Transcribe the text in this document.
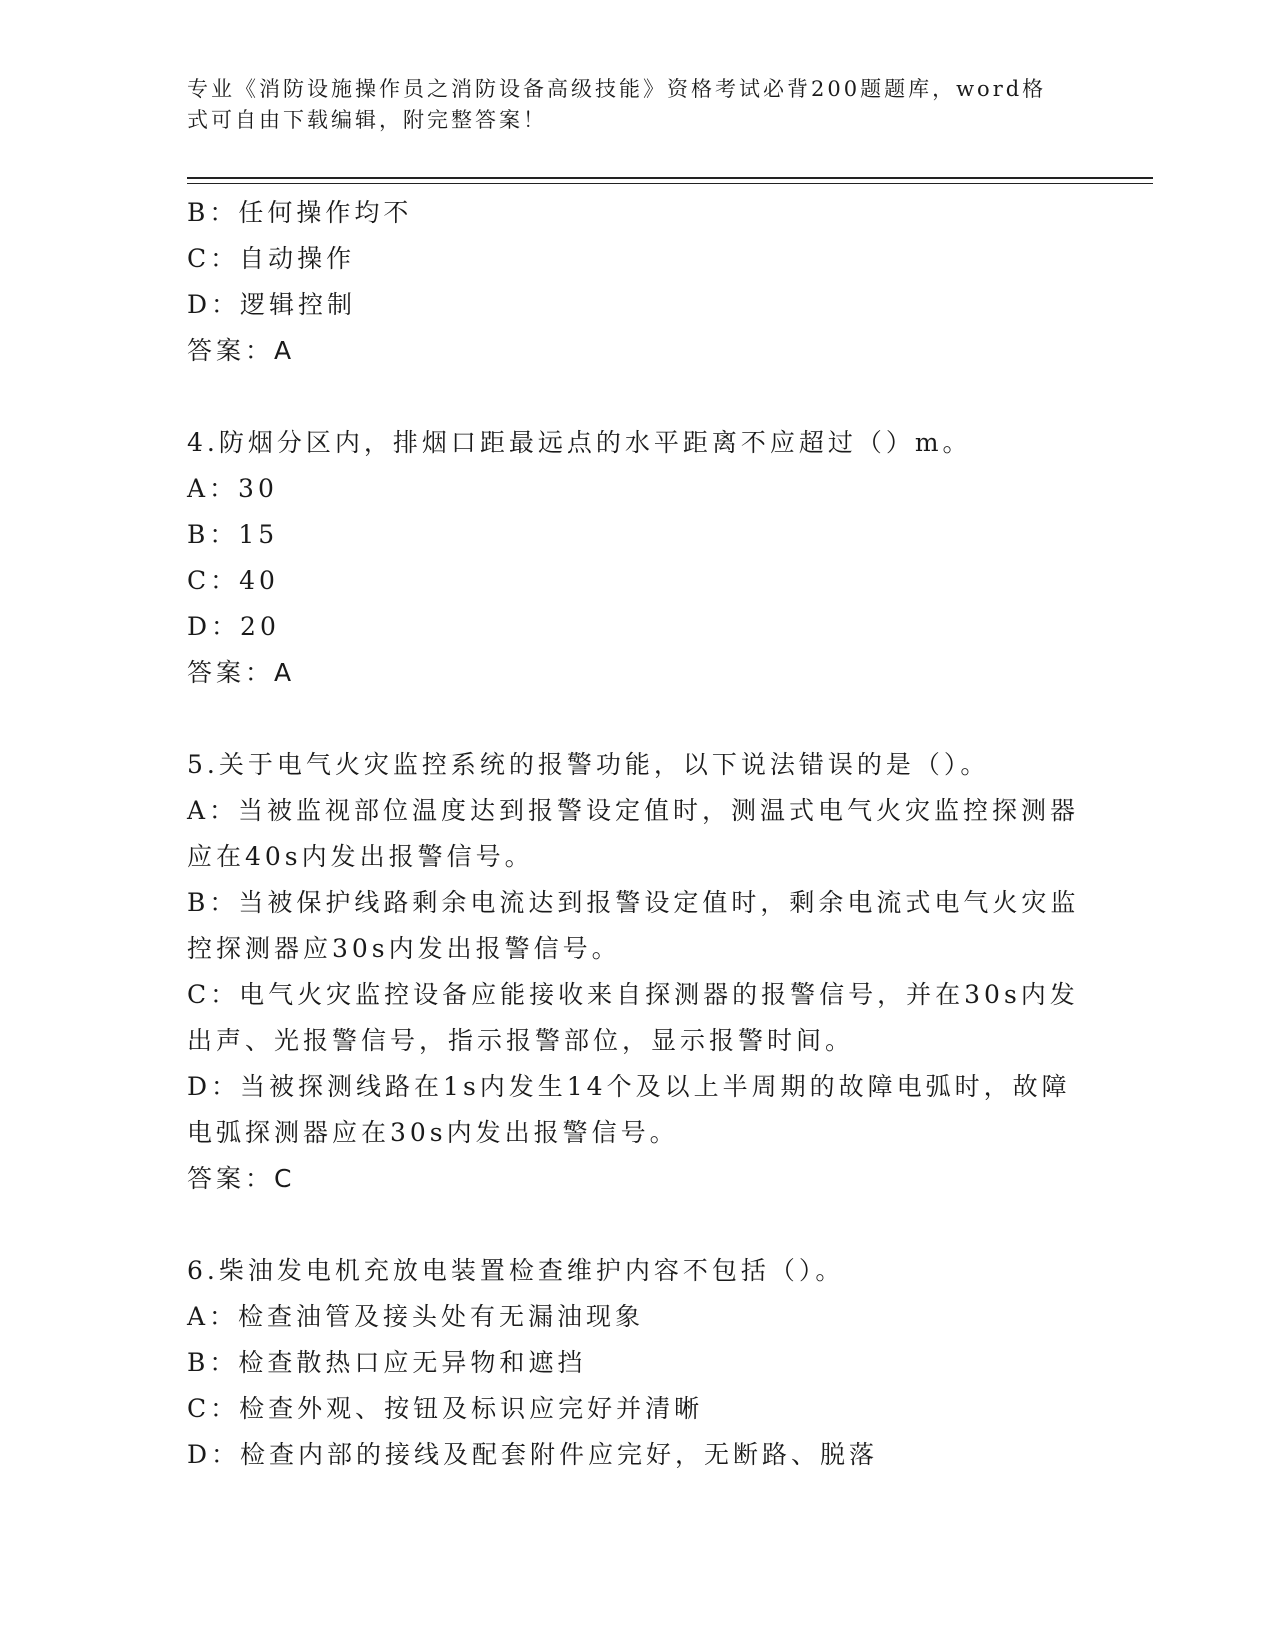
专业《消防设施操作员之消防设备高级技能》资格考试必背200题题库，word格
式可自由下载编辑，附完整答案！
B：任何操作均不
C：自动操作
D：逻辑控制
答案：A
4.防烟分区内，排烟口距最远点的水平距离不应超过（）m。
A：30
B：15
C：40
D：20
答案：A
5.关于电气火灾监控系统的报警功能，以下说法错误的是（）。
A：当被监视部位温度达到报警设定值时，测温式电气火灾监控探测器
应在40s内发出报警信号。
B：当被保护线路剩余电流达到报警设定值时，剩余电流式电气火灾监
控探测器应30s内发出报警信号。
C：电气火灾监控设备应能接收来自探测器的报警信号，并在30s内发
出声、光报警信号，指示报警部位，显示报警时间。
D：当被探测线路在1s内发生14个及以上半周期的故障电弧时，故障
电弧探测器应在30s内发出报警信号。
答案：C
6.柴油发电机充放电装置检查维护内容不包括（）。
A：检查油管及接头处有无漏油现象
B：检查散热口应无异物和遮挡
C：检查外观、按钮及标识应完好并清晰
D：检查内部的接线及配套附件应完好，无断路、脱落
